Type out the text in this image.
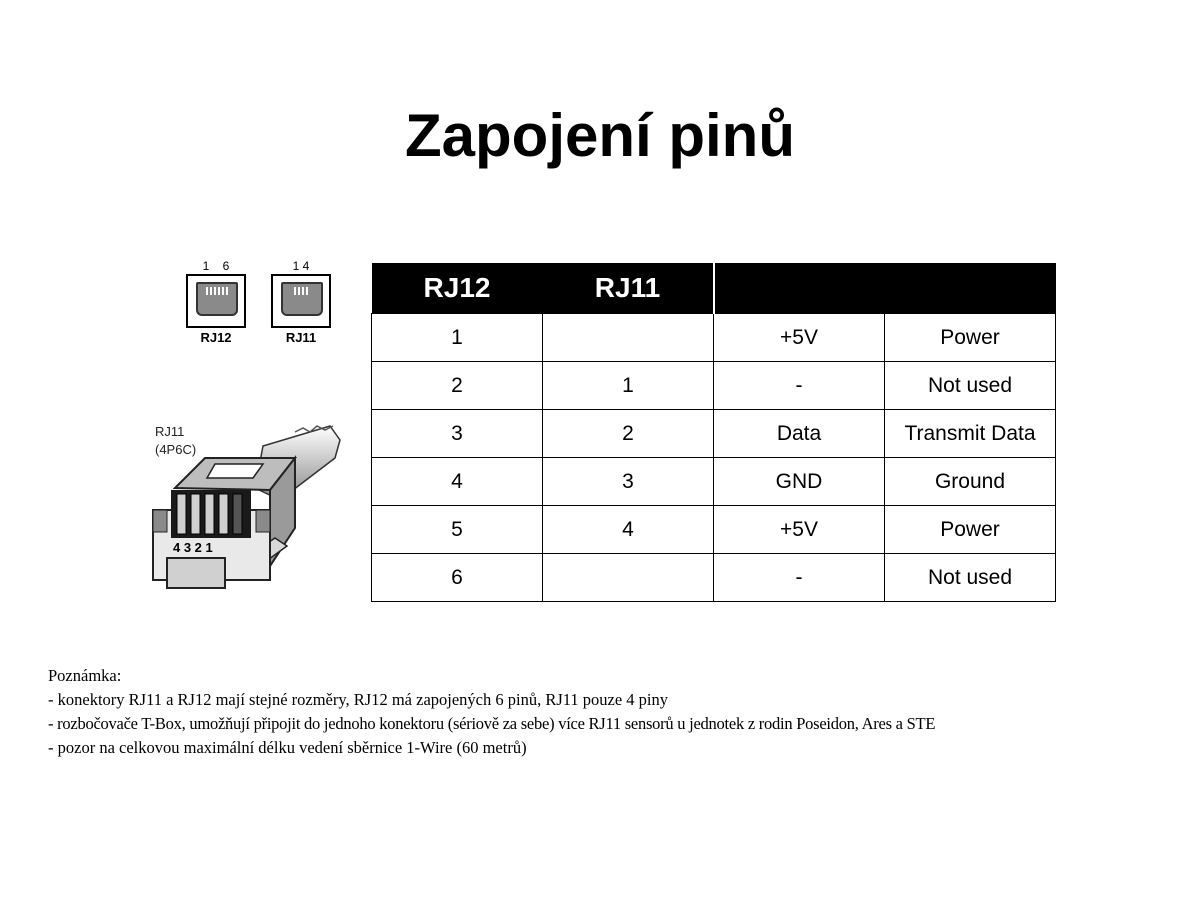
Zapojení pinů
1    6
RJ12
1 4
RJ11
RJ11
(4P6C)
4 3 2 1
RJ12	RJ11		
1		+5V	Power
2	1	-	Not used
3	2	Data	Transmit Data
4	3	GND	Ground
5	4	+5V	Power
6		-	Not used
Poznámka:
- konektory RJ11 a RJ12 mají stejné rozměry, RJ12 má zapojených 6 pinů, RJ11 pouze 4 piny
- rozbočovače T-Box, umožňují připojit do jednoho konektoru (sériově za sebe) více RJ11 sensorů u jednotek z rodin Poseidon, Ares a STE
- pozor na celkovou maximální délku vedení sběrnice 1-Wire (60 metrů)
